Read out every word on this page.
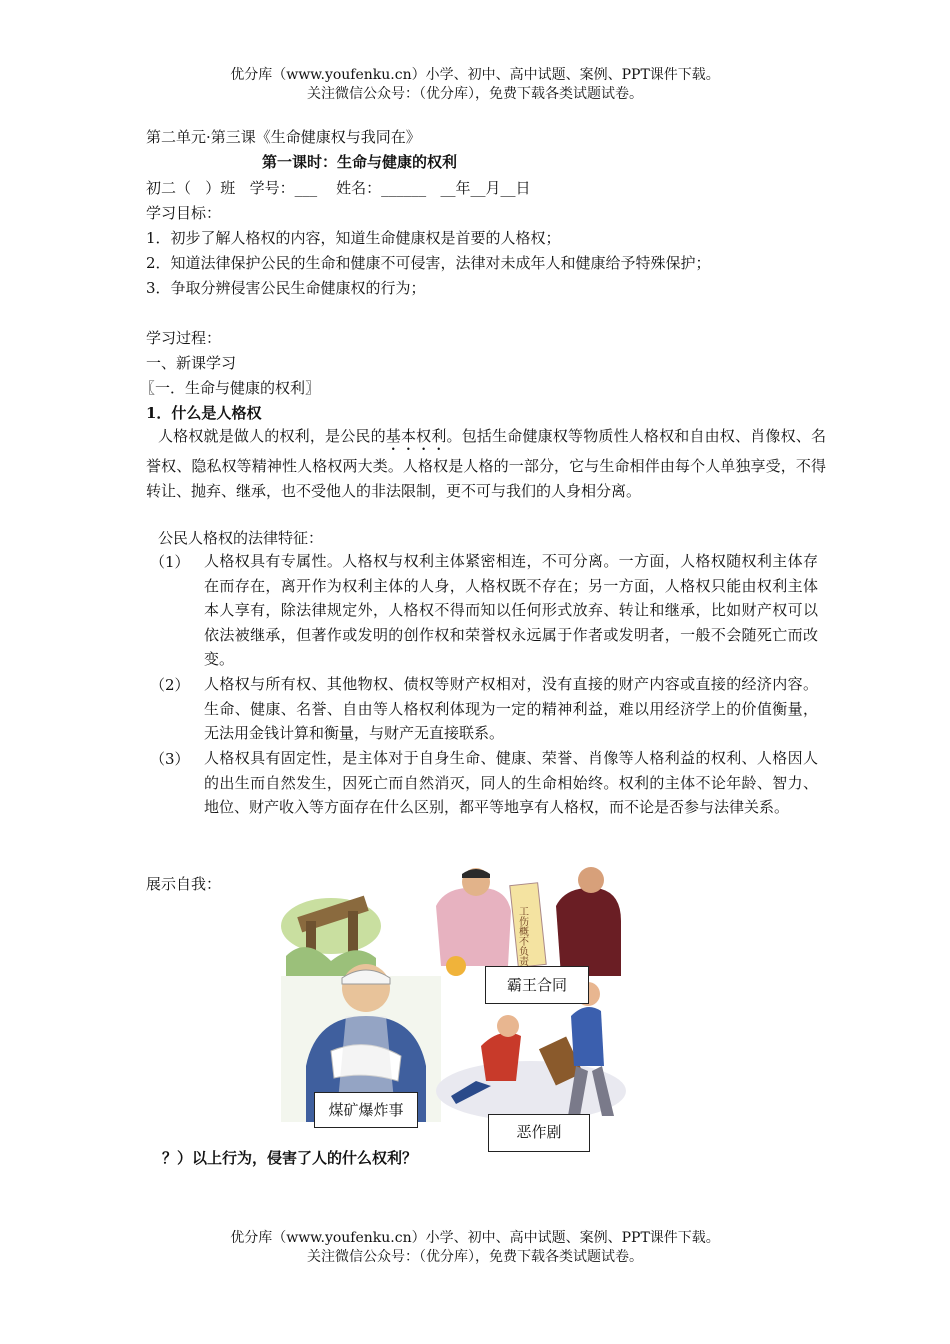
优分库（www.youfenku.cn）小学、初中、高中试题、案例、PPT课件下载。
关注微信公众号：（优分库），免费下载各类试题试卷。
第二单元·第三课《生命健康权与我同在》
第一课时：生命与健康的权利
初二（   ）班   学号：___    姓名：______   __年__月__日
学习目标：
1．初步了解人格权的内容，知道生命健康权是首要的人格权；
2．知道法律保护公民的生命和健康不可侵害，法律对未成年人和健康给予特殊保护；
3．争取分辨侵害公民生命健康权的行为；
学习过程：
一、新课学习
〖一．生命与健康的权利〗
1．什么是人格权
人格权就是做人的权利，是公民的基本权利。包括生命健康权等物质性人格权和自由权、肖像权、名誉权、隐私权等精神性人格权两大类。人格权是人格的一部分，它与生命相伴由每个人单独享受，不得转让、抛弃、继承，也不受他人的非法限制，更不可与我们的人身相分离。
公民人格权的法律特征：
（1） 人格权具有专属性。人格权与权利主体紧密相连，不可分离。一方面，人格权随权利主体存在而存在，离开作为权利主体的人身，人格权既不存在；另一方面，人格权只能由权利主体本人享有，除法律规定外，人格权不得而知以任何形式放弃、转让和继承，比如财产权可以依法被继承，但著作或发明的创作权和荣誉权永远属于作者或发明者，一般不会随死亡而改变。
（2） 人格权与所有权、其他物权、债权等财产权相对，没有直接的财产内容或直接的经济内容。生命、健康、名誉、自由等人格权利体现为一定的精神利益，难以用经济学上的价值衡量，无法用金钱计算和衡量，与财产无直接联系。
（3） 人格权具有固定性，是主体对于自身生命、健康、荣誉、肖像等人格利益的权利、人格因人的出生而自然发生，因死亡而自然消灭，同人的生命相始终。权利的主体不论年龄、智力、地位、财产收入等方面存在什么区别，都平等地享有人格权，而不论是否参与法律关系。
展示自我：
工伤概不负责
霸王合同
煤矿爆炸事
恶作剧
？）以上行为，侵害了人的什么权利？
优分库（www.youfenku.cn）小学、初中、高中试题、案例、PPT课件下载。
关注微信公众号：（优分库），免费下载各类试题试卷。
